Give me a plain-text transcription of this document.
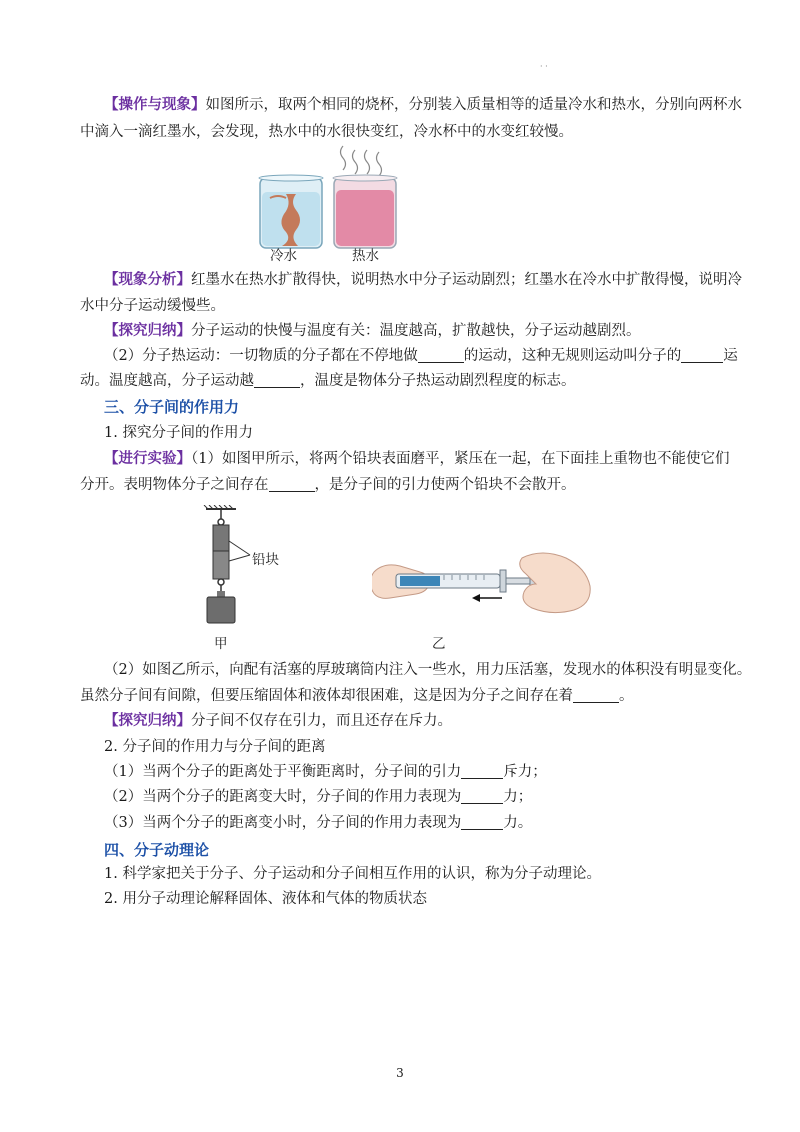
· ·
【操作与现象】如图所示，取两个相同的烧杯，分别装入质量相等的适量冷水和热水，分别向两杯水
中滴入一滴红墨水，会发现，热水中的水很快变红，冷水杯中的水变红较慢。
冷水	热水
【现象分析】红墨水在热水扩散得快，说明热水中分子运动剧烈；红墨水在冷水中扩散得慢，说明冷
水中分子运动缓慢些。
【探究归纳】分子运动的快慢与温度有关：温度越高，扩散越快，分子运动越剧烈。
（2）分子热运动：一切物质的分子都在不停地做	的运动，这种无规则运动叫分子的	运
动。温度越高，分子运动越	，温度是物体分子热运动剧烈程度的标志。
三、分子间的作用力
1. 探究分子间的作用力
【进行实验】（1）如图甲所示，将两个铅块表面磨平，紧压在一起，在下面挂上重物也不能使它们
分开。表明物体分子之间存在	，是分子间的引力使两个铅块不会散开。
铅块
甲	乙
（2）如图乙所示，向配有活塞的厚玻璃筒内注入一些水，用力压活塞，发现水的体积没有明显变化。
虽然分子间有间隙，但要压缩固体和液体却很困难，这是因为分子之间存在着	。
【探究归纳】分子间不仅存在引力，而且还存在斥力。
2. 分子间的作用力与分子间的距离
（1）当两个分子的距离处于平衡距离时，分子间的引力	斥力；
（2）当两个分子的距离变大时，分子间的作用力表现为	力；
（3）当两个分子的距离变小时，分子间的作用力表现为	力。
四、分子动理论
1. 科学家把关于分子、分子运动和分子间相互作用的认识，称为分子动理论。
2. 用分子动理论解释固体、液体和气体的物质状态
3
